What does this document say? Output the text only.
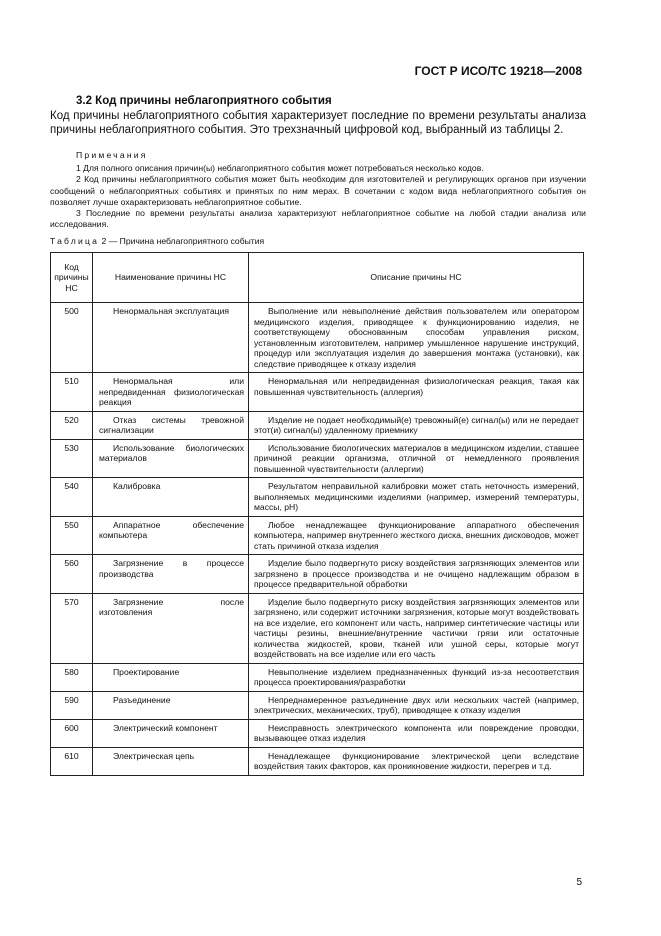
ГОСТ Р ИСО/ТС 19218—2008
3.2 Код причины неблагоприятного события

Код причины неблагоприятного события характеризует последние по времени результаты анализа причины неблагоприятного события. Это трехзначный цифровой код, выбранный из таблицы 2.

Примечания

1 Для полного описания причин(ы) неблагоприятного события может потребоваться несколько кодов.

2 Код причины неблагоприятного события может быть необходим для изготовителей и регулирующих органов при изучении сообщений о неблагоприятных событиях и принятых по ним мерах. В сочетании с кодом вида неблагоприятного события он позволяет лучше охарактеризовать неблагоприятное событие.

3 Последние по времени результаты анализа характеризуют неблагоприятное событие на любой стадии анализа или исследования.

Таблица 2 — Причина неблагоприятного события
Код причины НС	Наименование причины НС	Описание причины НС
500	Ненормальная эксплуатация	Выполнение или невыполнение действия пользователем или оператором медицинского изделия, приводящее к функционированию изделия, не соответствующему обоснованным способам управления риском, установленным изготовителем, например умышленное нарушение инструкций, процедур или эксплуатация изделия до завершения монтажа (установки), как следствие приводящее к отказу изделия
510	Ненормальная или непредвиденная физиологическая реакция	Ненормальная или непредвиденная физиологическая реакция, такая как повышенная чувствительность (аллергия)
520	Отказ системы тревожной сигнализации	Изделие не подает необходимый(е) тревожный(е) сигнал(ы) или не передает этот(и) сигнал(ы) удаленному приемнику
530	Использование биологических материалов	Использование биологических материалов в медицинском изделии, ставшее причиной реакции организма, отличной от немедленного проявления повышенной чувствительности (аллергии)
540	Калибровка	Результатом неправильной калибровки может стать неточность измерений, выполняемых медицинскими изделиями (например, измерений температуры, массы, pH)
550	Аппаратное обеспечение компьютера	Любое ненадлежащее функционирование аппаратного обеспечения компьютера, например внутреннего жесткого диска, внешних дисководов, может стать причиной отказа изделия
560	Загрязнение в процессе производства	Изделие было подвергнуто риску воздействия загрязняющих элементов или загрязнено в процессе производства и не очищено надлежащим образом в процессе предварительной обработки
570	Загрязнение после изготовления	Изделие было подвергнуто риску воздействия загрязняющих элементов или загрязнено, или содержит источники загрязнения, которые могут воздействовать на все изделие, его компонент или часть, например синтетические частицы или частицы резины, внешние/внутренние частички грязи или остаточные количества жидкостей, крови, тканей или ушной серы, которые могут воздействовать на все изделие или его часть
580	Проектирование	Невыполнение изделием предназначенных функций из-за несоответствия процесса проектирования/разработки
590	Разъединение	Непреднамеренное разъединение двух или нескольких частей (например, электрических, механических, труб), приводящее к отказу изделия
600	Электрический компонент	Неисправность электрического компонента или повреждение проводки, вызывающее отказ изделия
610	Электрическая цепь	Ненадлежащее функционирование электрической цепи вследствие воздействия таких факторов, как проникновение жидкости, перегрев и т.д.
5
